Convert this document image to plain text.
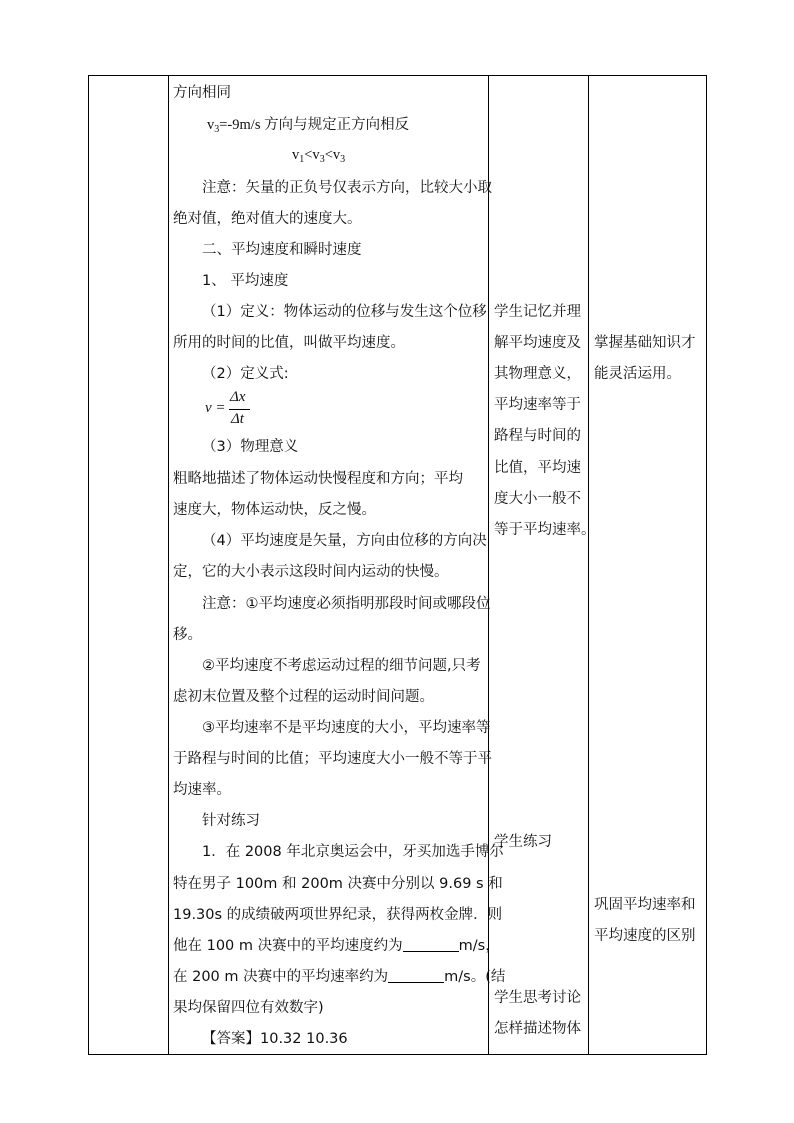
方向相同
$v_3=-9m/s$ 方向与规定正方向相反
$v_1<v_3<v_3$
注意：矢量的正负号仅表示方向，比较大小取
绝对值，绝对值大的速度大。
二、平均速度和瞬时速度
1、 平均速度
（1）定义：物体运动的位移与发生这个位移
所用的时间的比值，叫做平均速度。
（2）定义式:
v =
Δx
Δt
（3）物理意义
粗略地描述了物体运动快慢程度和方向；平均
速度大，物体运动快，反之慢。
（4）平均速度是矢量，方向由位移的方向决
定，它的大小表示这段时间内运动的快慢。
注意：①平均速度必须指明那段时间或哪段位
移。
②平均速度不考虑运动过程的细节问题,只考
虑初末位置及整个过程的运动时间问题。
③平均速率不是平均速度的大小，平均速率等
于路程与时间的比值；平均速度大小一般不等于平
均速率。
针对练习
1．在 2008 年北京奥运会中，牙买加选手博尔
特在男子 100m 和 200m 决赛中分别以 9.69 s 和
19.30s 的成绩破两项世界纪录，获得两枚金牌．则
他在 100 m 决赛中的平均速度约为	m/s，
在 200 m 决赛中的平均速率约为	m/s。(结
果均保留四位有效数字)
【答案】10.32 10.36
学生记忆并理
解平均速度及
其物理意义，
平均速率等于
路程与时间的
比值，平均速
度大小一般不
等于平均速率。
学生练习
学生思考讨论
怎样描述物体
掌握基础知识才
能灵活运用。
巩固平均速率和
平均速度的区别
